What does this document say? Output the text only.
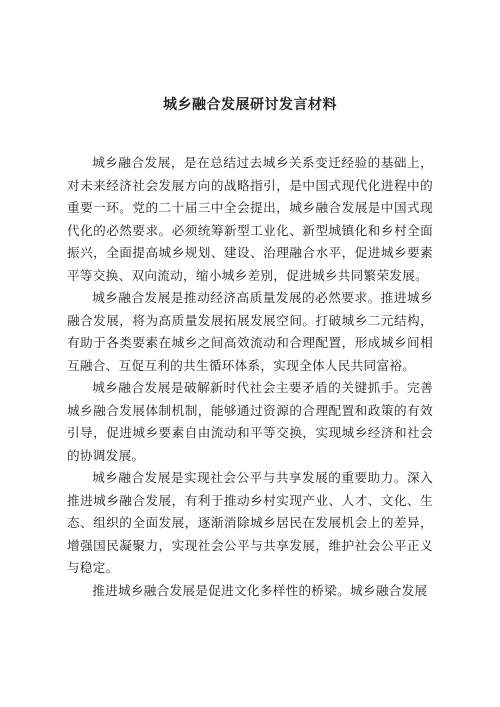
城乡融合发展研讨发言材料

城乡融合发展，是在总结过去城乡关系变迁经验的基础上，对未来经济社会发展方向的战略指引，是中国式现代化进程中的重要一环。党的二十届三中全会提出，城乡融合发展是中国式现代化的必然要求。必须统筹新型工业化、新型城镇化和乡村全面振兴，全面提高城乡规划、建设、治理融合水平，促进城乡要素平等交换、双向流动，缩小城乡差别，促进城乡共同繁荣发展。

城乡融合发展是推动经济高质量发展的必然要求。推进城乡融合发展，将为高质量发展拓展发展空间。打破城乡二元结构，有助于各类要素在城乡之间高效流动和合理配置，形成城乡间相互融合、互促互利的共生循环体系，实现全体人民共同富裕。

城乡融合发展是破解新时代社会主要矛盾的关键抓手。完善城乡融合发展体制机制，能够通过资源的合理配置和政策的有效引导，促进城乡要素自由流动和平等交换，实现城乡经济和社会的协调发展。

城乡融合发展是实现社会公平与共享发展的重要助力。深入推进城乡融合发展，有利于推动乡村实现产业、人才、文化、生态、组织的全面发展，逐渐消除城乡居民在发展机会上的差异，增强国民凝聚力，实现社会公平与共享发展，维护社会公平正义与稳定。

推进城乡融合发展是促进文化多样性的桥梁。城乡融合发展
